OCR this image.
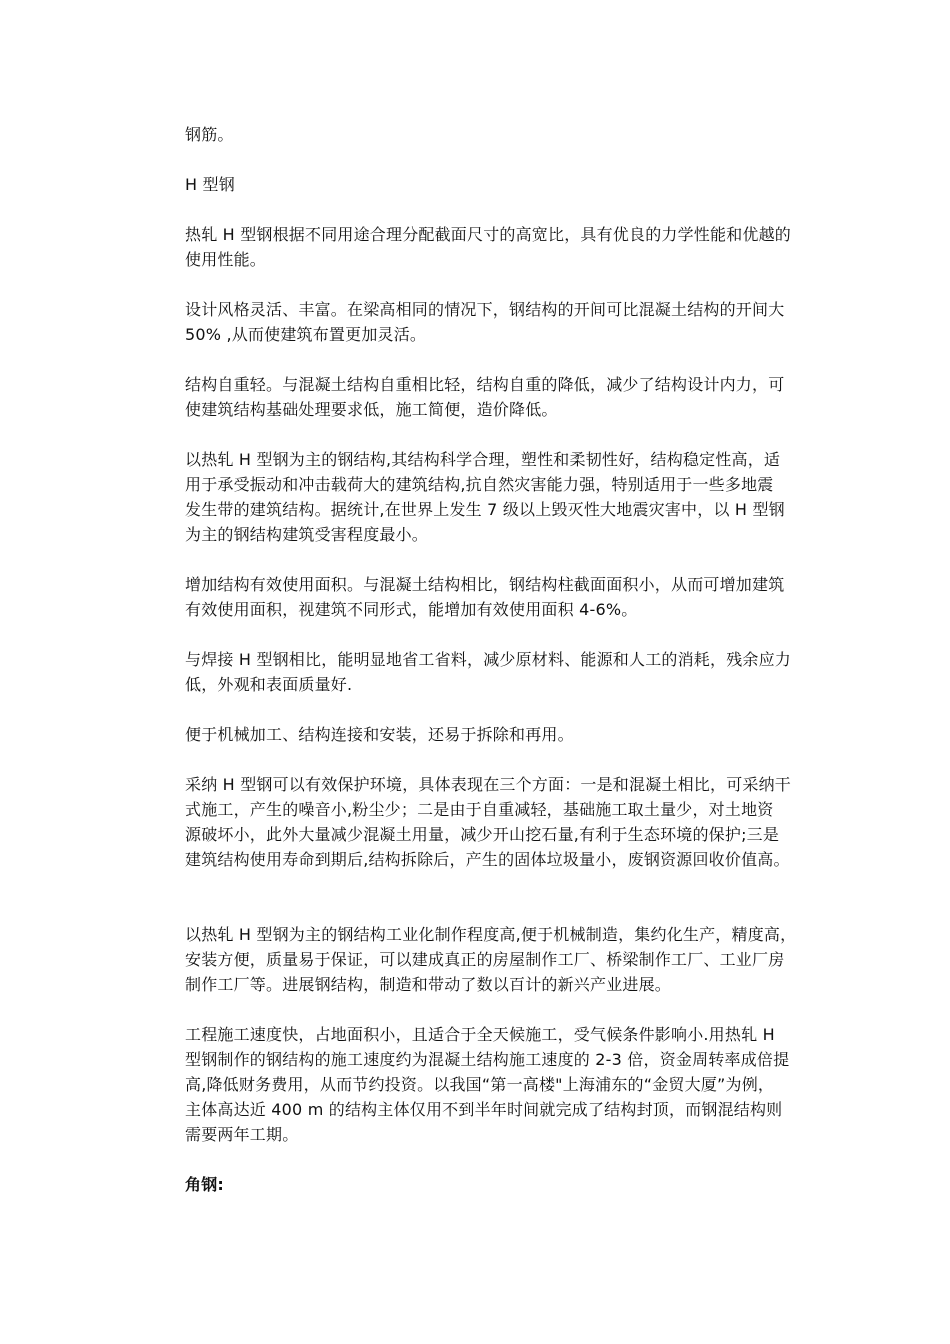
钢筋。

H 型钢

热轧 H 型钢根据不同用途合理分配截面尺寸的高宽比，具有优良的力学性能和优越的
使用性能。

设计风格灵活、丰富。在梁高相同的情况下，钢结构的开间可比混凝土结构的开间大
50% ,从而使建筑布置更加灵活。

结构自重轻。与混凝土结构自重相比轻，结构自重的降低，减少了结构设计内力，可
使建筑结构基础处理要求低，施工简便，造价降低。

以热轧 H 型钢为主的钢结构,其结构科学合理，塑性和柔韧性好，结构稳定性高，适
用于承受振动和冲击载荷大的建筑结构,抗自然灾害能力强，特别适用于一些多地震
发生带的建筑结构。据统计,在世界上发生 7 级以上毁灭性大地震灾害中，以 H 型钢
为主的钢结构建筑受害程度最小。

增加结构有效使用面积。与混凝土结构相比，钢结构柱截面面积小，从而可增加建筑
有效使用面积，视建筑不同形式，能增加有效使用面积 4-6%。

与焊接 H 型钢相比，能明显地省工省料，减少原材料、能源和人工的消耗，残余应力
低，外观和表面质量好.

便于机械加工、结构连接和安装，还易于拆除和再用。

采纳 H 型钢可以有效保护环境，具体表现在三个方面：一是和混凝土相比，可采纳干
式施工，产生的噪音小,粉尘少；二是由于自重减轻，基础施工取土量少，对土地资
源破坏小，此外大量减少混凝土用量，减少开山挖石量,有利于生态环境的保护;三是
建筑结构使用寿命到期后,结构拆除后，产生的固体垃圾量小，废钢资源回收价值高。

以热轧 H 型钢为主的钢结构工业化制作程度高,便于机械制造，集约化生产，精度高，
安装方便，质量易于保证，可以建成真正的房屋制作工厂、桥梁制作工厂、工业厂房
制作工厂等。进展钢结构，制造和带动了数以百计的新兴产业进展。

工程施工速度快，占地面积小，且适合于全天候施工，受气候条件影响小.用热轧 H
型钢制作的钢结构的施工速度约为混凝土结构施工速度的 2-3 倍，资金周转率成倍提
高,降低财务费用，从而节约投资。以我国“第一高楼"上海浦东的“金贸大厦”为例，
主体高达近 400 m 的结构主体仅用不到半年时间就完成了结构封顶，而钢混结构则
需要两年工期。

角钢:
